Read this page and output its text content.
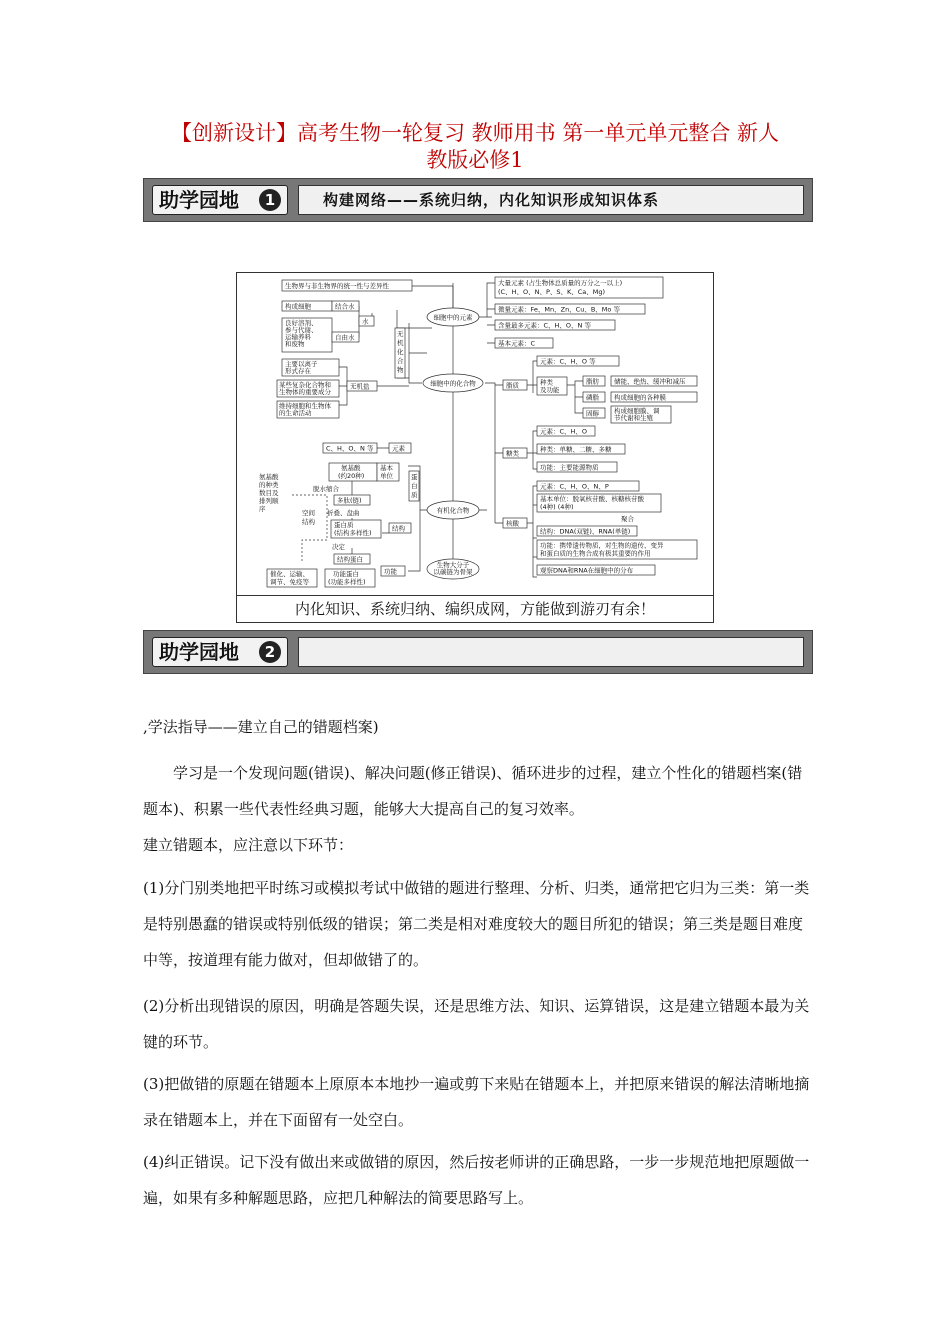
【创新设计】高考生物一轮复习 教师用书 第一单元单元整合 新人
教版必修1
助学园地	1	构建网络——系统归纳，内化知识形成知识体系
细胞中的元素
细胞中的化合物
有机化合物
生物大分子
以碳链为骨架
生物界与非生物界的统一性与差异性
构成细胞	结合水
良好溶剂、
参与代谢、
运输养料
和废物
自由水
水
无
机
化
合
物
主要以离子
形式存在
某些复杂化合物和
生物体的重要成分
维持细胞和生物体
的生命活动
无机盐
大量元素 (占生物体总质量的万分之一以上)
(C、H、O、N、P、S、K、Ca、Mg)
微量元素：Fe、Mn、Zn、Cu、B、Mo 等
含量最多元素：C、H、O、N 等
基本元素：C
脂质
元素：C、H、O 等
种类
及功能
脂肪 储能、绝热、缓冲和减压
磷脂 构成细胞的各种膜
固醇 构成细胞膜、调
节代谢和生殖
糖类
元素：C、H、O
种类：单糖、二糖、多糖
功能：主要能源物质
核酸
元素：C、H、O、N、P
基本单位：脱氧核苷酸、核糖核苷酸
(4种) (4种)
聚合
结构：DNA(双链)、RNA(单链)
功能：携带遗传物质，对生物的遗传、变异
和蛋白质的生物合成有极其重要的作用
观察DNA和RNA在细胞中的分布
蛋
白
质
C、H、O、N 等	元素
氨基酸
(约20种)
基本
单位
脱水缩合
多肽(链)
折叠、盘曲
空间
结构	蛋白质
(结构多样性)
结构
决定
结构蛋白
功能蛋白
(功能多样性)
功能
催化、运输、
调节、免疫等
氨基酸
的种类
数目及
排列顺
序
内化知识、系统归纳、编织成网，方能做到游刃有余！
助学园地	2
,学法指导——建立自己的错题档案)
学习是一个发现问题(错误)、解决问题(修正错误)、循环进步的过程，建立个性化的错题档案(错题本)、积累一些代表性经典习题，能够大大提高自己的复习效率。
建立错题本，应注意以下环节：
(1)分门别类地把平时练习或模拟考试中做错的题进行整理、分析、归类，通常把它归为三类：第一类是特别愚蠢的错误或特别低级的错误；第二类是相对难度较大的题目所犯的错误；第三类是题目难度中等，按道理有能力做对，但却做错了的。
(2)分析出现错误的原因，明确是答题失误，还是思维方法、知识、运算错误，这是建立错题本最为关键的环节。
(3)把做错的原题在错题本上原原本本地抄一遍或剪下来贴在错题本上，并把原来错误的解法清晰地摘录在错题本上，并在下面留有一处空白。
(4)纠正错误。记下没有做出来或做错的原因，然后按老师讲的正确思路，一步一步规范地把原题做一遍，如果有多种解题思路，应把几种解法的简要思路写上。
